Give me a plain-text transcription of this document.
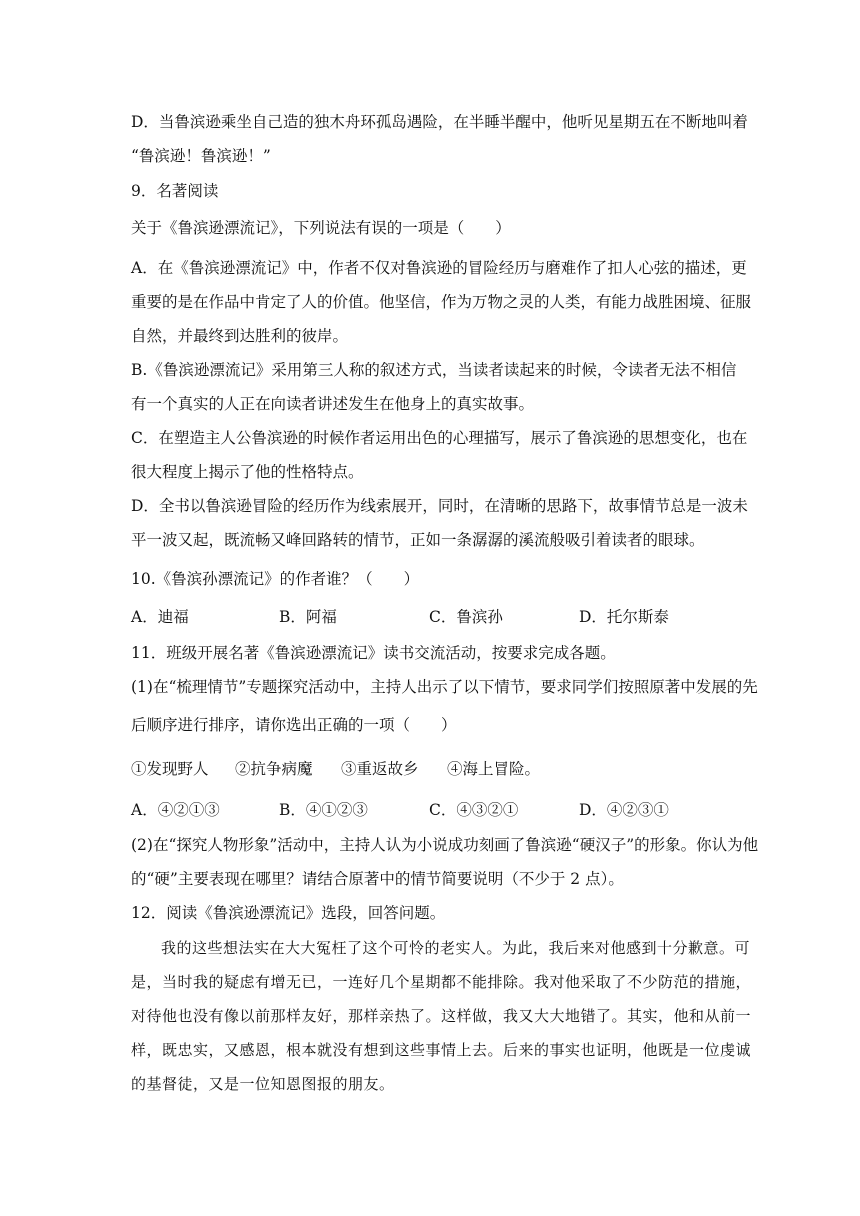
D．当鲁滨逊乘坐自己造的独木舟环孤岛遇险，在半睡半醒中，他听见星期五在不断地叫着
“鲁滨逊！鲁滨逊！”
9．名著阅读
关于《鲁滨逊漂流记》，下列说法有误的一项是（　　）
A．在《鲁滨逊漂流记》中，作者不仅对鲁滨逊的冒险经历与磨难作了扣人心弦的描述，更
重要的是在作品中肯定了人的价值。他坚信，作为万物之灵的人类，有能力战胜困境、征服
自然，并最终到达胜利的彼岸。
B.《鲁滨逊漂流记》采用第三人称的叙述方式，当读者读起来的时候，令读者无法不相信
有一个真实的人正在向读者讲述发生在他身上的真实故事。
C．在塑造主人公鲁滨逊的时候作者运用出色的心理描写，展示了鲁滨逊的思想变化，也在
很大程度上揭示了他的性格特点。
D．全书以鲁滨逊冒险的经历作为线索展开，同时，在清晰的思路下，故事情节总是一波未
平一波又起，既流畅又峰回路转的情节，正如一条潺潺的溪流般吸引着读者的眼球。
10.《鲁滨孙漂流记》的作者谁？（　　）
A．迪福	B．阿福	C．鲁滨孙	D．托尔斯泰
11．班级开展名著《鲁滨逊漂流记》读书交流活动，按要求完成各题。
(1)在“梳理情节”专题探究活动中，主持人出示了以下情节，要求同学们按照原著中发展的先
后顺序进行排序，请你选出正确的一项（　　）
①发现野人 ②抗争病魔 ③重返故乡 ④海上冒险。
A．④②①③	B．④①②③	C．④③②①	D．④②③①
(2)在“探究人物形象”活动中，主持人认为小说成功刻画了鲁滨逊“硬汉子”的形象。你认为他
的“硬”主要表现在哪里？请结合原著中的情节简要说明（不少于 2 点）。
12．阅读《鲁滨逊漂流记》选段，回答问题。
我的这些想法实在大大冤枉了这个可怜的老实人。为此，我后来对他感到十分歉意。可
是，当时我的疑虑有增无已，一连好几个星期都不能排除。我对他采取了不少防范的措施，
对待他也没有像以前那样友好，那样亲热了。这样做，我又大大地错了。其实，他和从前一
样，既忠实，又感恩，根本就没有想到这些事情上去。后来的事实也证明，他既是一位虔诚
的基督徒，又是一位知恩图报的朋友。
